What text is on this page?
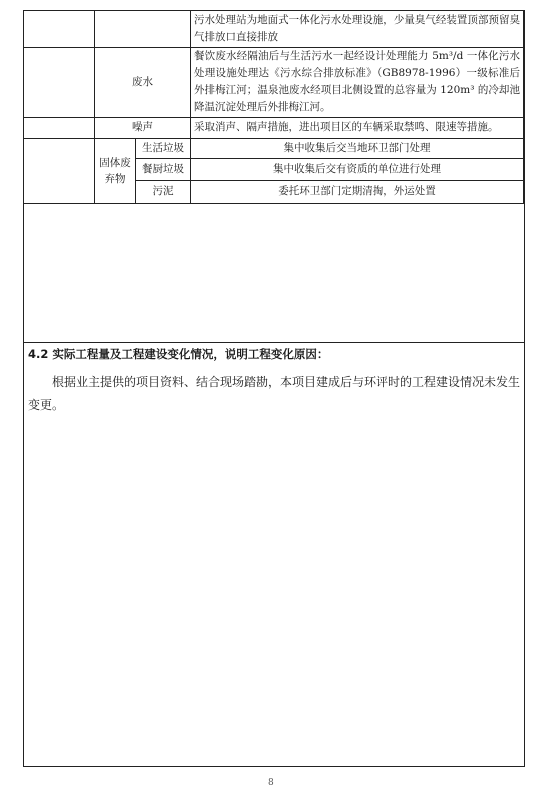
			污水处理站为地面式一体化污水处理设施，少量臭气经装置顶部预留臭气排放口直接排放
	废水		餐饮废水经隔油后与生活污水一起经设计处理能力 5m³/d 一体化污水处理设施处理达《污水综合排放标准》（GB8978-1996）一级标准后外排梅江河；温泉池废水经项目北侧设置的总容量为 120m³ 的冷却池降温沉淀处理后外排梅江河。
	噪声		采取消声、隔声措施，进出项目区的车辆采取禁鸣、限速等措施。
	固体废弃物	生活垃圾	集中收集后交当地环卫部门处理
		餐厨垃圾	集中收集后交有资质的单位进行处理
		污泥	委托环卫部门定期清掏，外运处置
4.2 实际工程量及工程建设变化情况，说明工程变化原因：
根据业主提供的项目资料、结合现场踏勘，本项目建成后与环评时的工程建设情况未发生变更。
8
